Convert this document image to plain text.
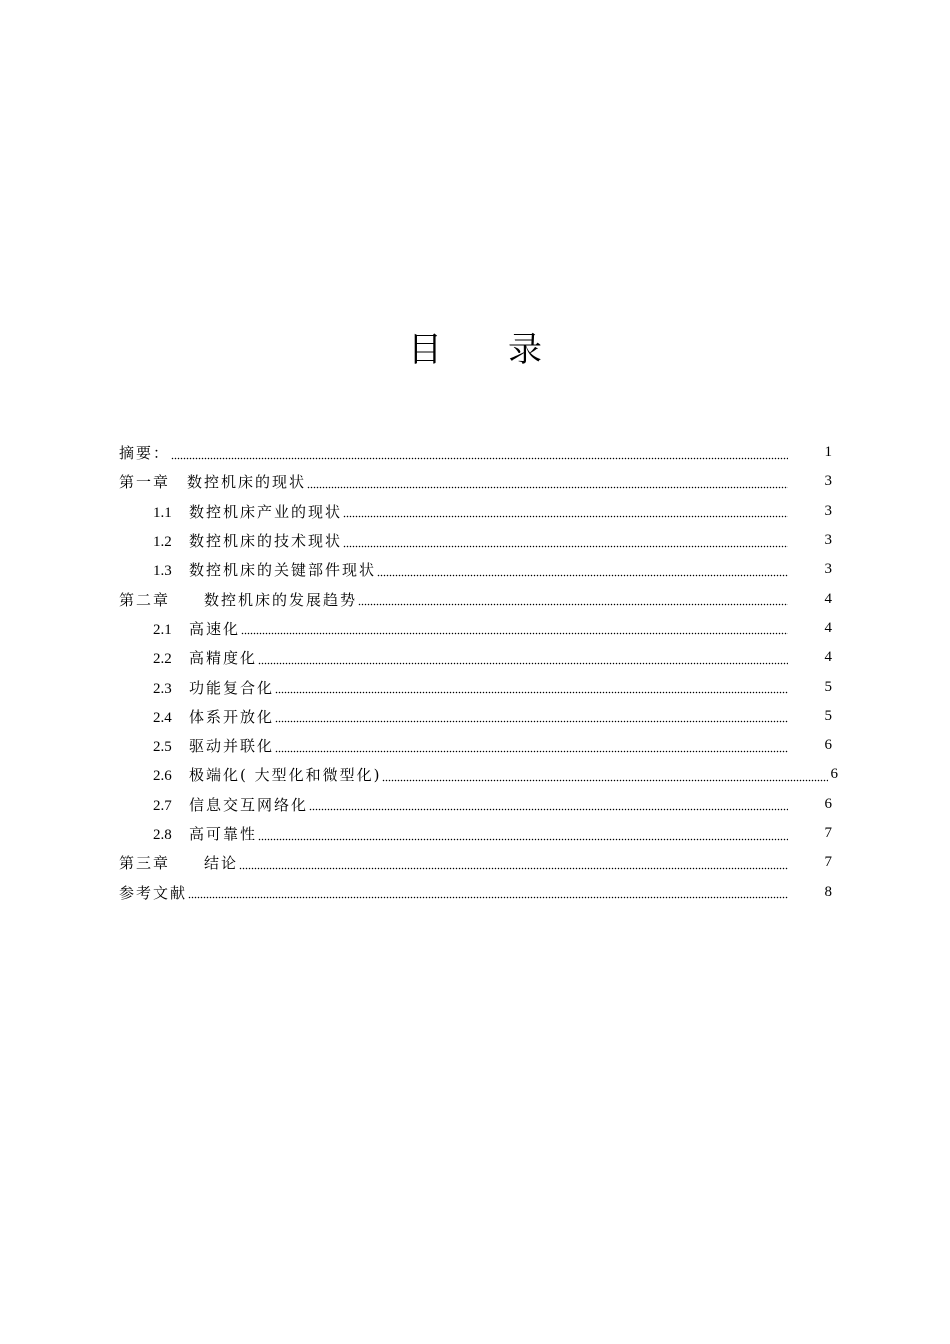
目 录
摘要：	1
第一章　数控机床的现状	3
1.1 数控机床产业的现状	3
1.2 数控机床的技术现状	3
1.3 数控机床的关键部件现状	3
第二章　　数控机床的发展趋势	4
2.1 高速化	4
2.2 高精度化	4
2.3 功能复合化	5
2.4 体系开放化	5
2.5 驱动并联化	6
2.6 极端化( 大型化和微型化)	6
2.7 信息交互网络化	6
2.8 高可靠性	7
第三章　　结论	7
参考文献	8
